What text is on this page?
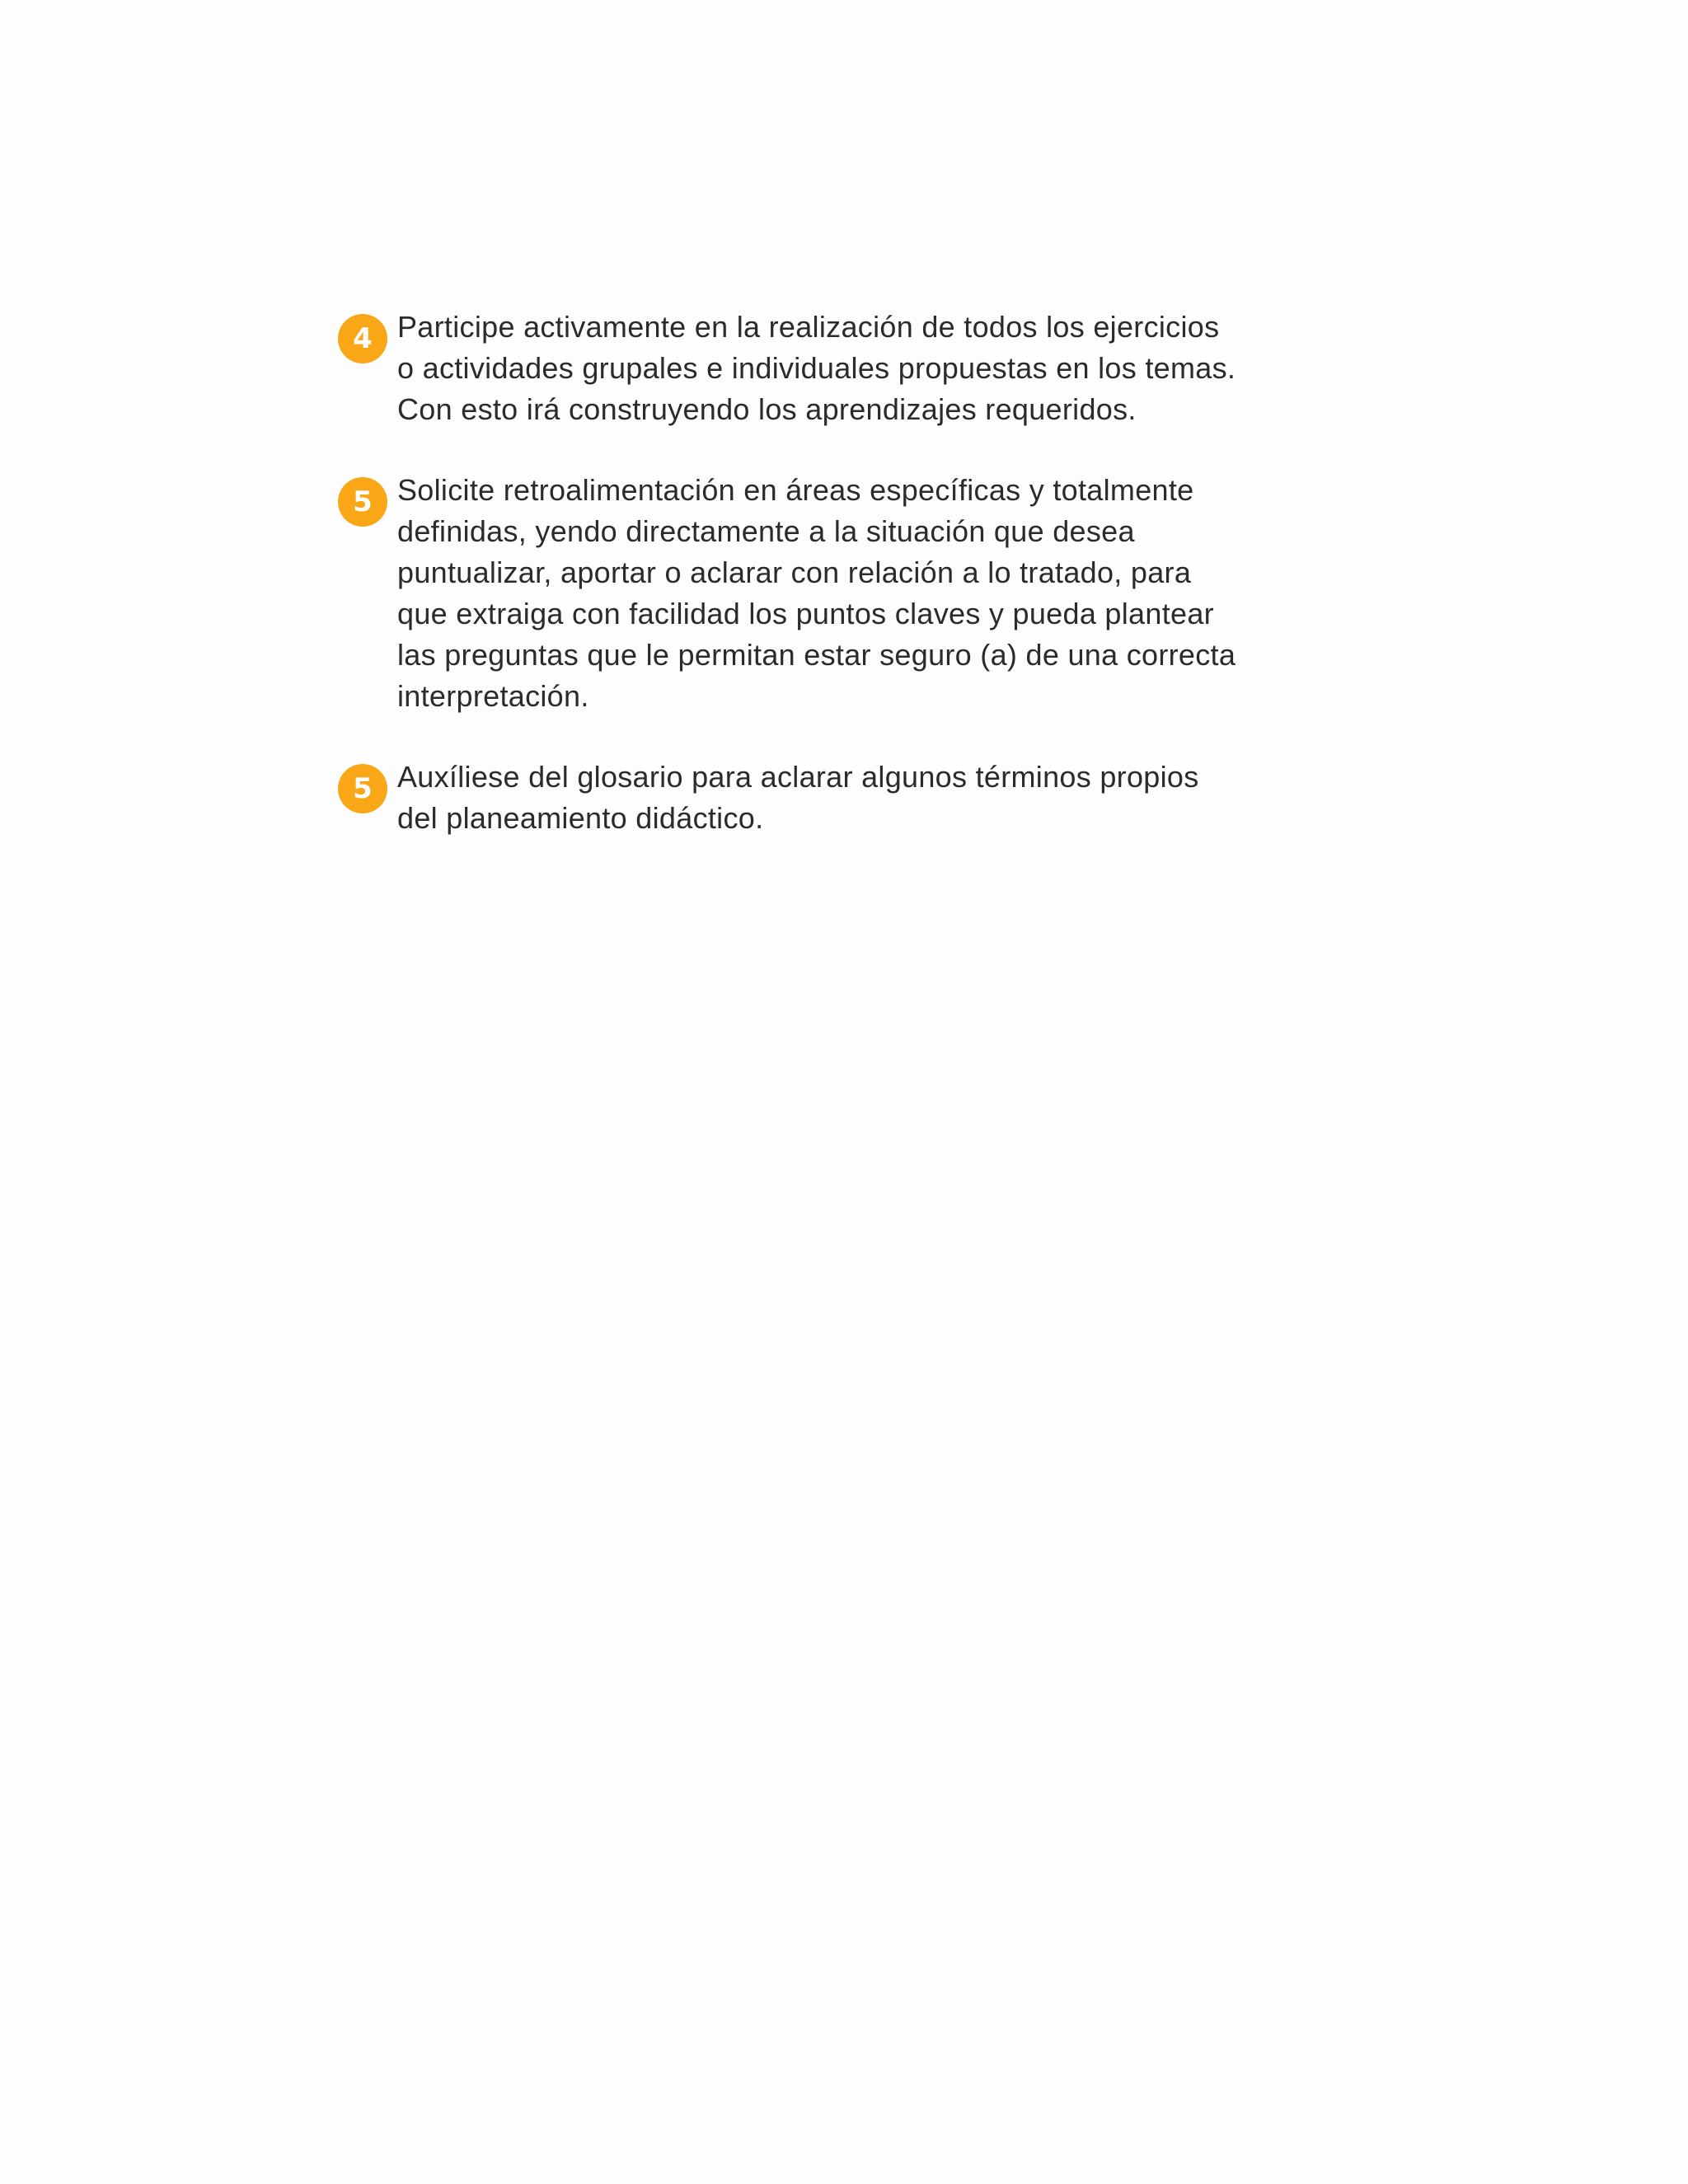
4 Participe activamente en la realización de todos los ejercicios
o actividades grupales e individuales propuestas en los temas.
Con esto irá construyendo los aprendizajes requeridos.
5 Solicite retroalimentación en áreas específicas y totalmente
definidas, yendo directamente a la situación que desea
puntualizar, aportar o aclarar con relación a lo tratado, para
que extraiga con facilidad los puntos claves y pueda plantear
las preguntas que le permitan estar seguro (a) de una correcta
interpretación.
5 Auxíliese del glosario para aclarar algunos términos propios
del planeamiento didáctico.
